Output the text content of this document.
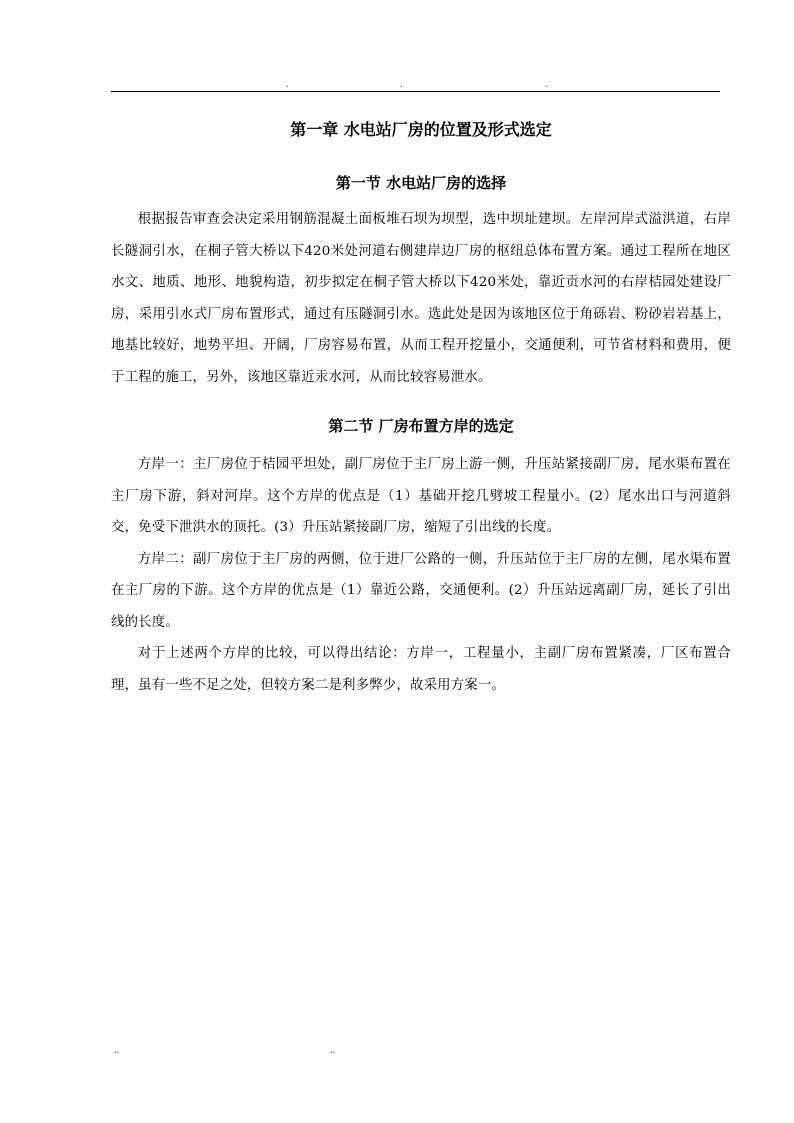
.	.	.
第一章 水电站厂房的位置及形式选定
第一节 水电站厂房的选择

根据报告审查会决定采用钢筋混凝土面板堆石坝为坝型，选中坝址建坝。左岸河岸式溢洪道，右岸长隧洞引水，在桐子管大桥以下420米处河道右侧建岸边厂房的枢纽总体布置方案。通过工程所在地区水文、地质、地形、地貌构造，初步拟定在桐子管大桥以下420米处，靠近贡水河的右岸桔园处建设厂房，采用引水式厂房布置形式，通过有压隧洞引水。选此处是因为该地区位于角砾岩、粉砂岩岩基上，地基比较好，地势平坦、开阔，厂房容易布置，从而工程开挖量小，交通便利，可节省材料和费用，便于工程的施工，另外，该地区靠近汞水河，从而比较容易泄水。

第二节 厂房布置方岸的选定

方岸一：主厂房位于桔园平坦处，副厂房位于主厂房上游一侧，升压站紧接副厂房，尾水渠布置在主厂房下游，斜对河岸。这个方岸的优点是（1）基础开挖几劈坡工程量小。(2）尾水出口与河道斜交，免受下泄洪水的顶托。(3）升压站紧接副厂房，缩短了引出线的长度。

方岸二：副厂房位于主厂房的两侧，位于进厂公路的一侧，升压站位于主厂房的左侧，尾水渠布置在主厂房的下游。这个方岸的优点是（1）靠近公路，交通便利。(2）升压站远离副厂房，延长了引出线的长度。

对于上述两个方岸的比较，可以得出结论：方岸一，工程量小，主副厂房布置紧凑，厂区布置合理，虽有一些不足之处，但较方案二是利多弊少，故采用方案一。

..	..
